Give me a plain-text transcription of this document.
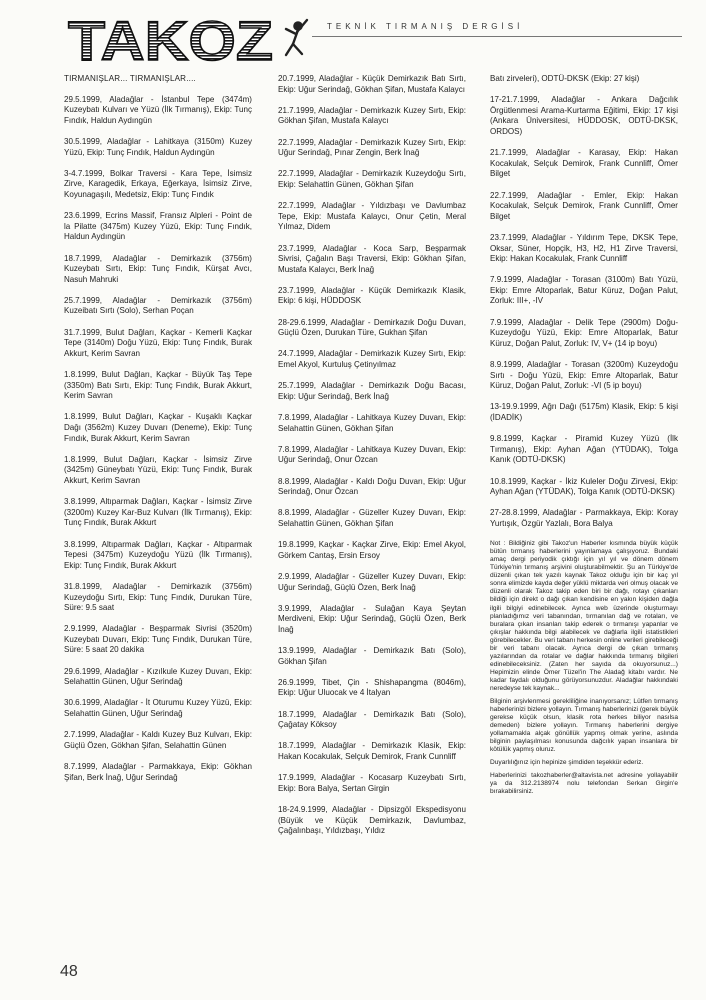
TAKOZ	TEKNİK TIRMANIŞ DERGİSİ

TIRMANIŞLAR... TIRMANIŞLAR....

29.5.1999, Aladağlar - İstanbul Tepe (3474m) Kuzeybatı Kulvarı ve Yüzü (İlk Tırmanış), Ekip: Tunç Fındık, Haldun Aydıngün

30.5.1999, Aladağlar - Lahitkaya (3150m) Kuzey Yüzü, Ekip: Tunç Fındık, Haldun Aydıngün

3-4.7.1999, Bolkar Traversi - Kara Tepe, İsimsiz Zirve, Karagedik, Erkaya, Eğerkaya, İsimsiz Zirve, Koyunagaşılı, Medetsiz, Ekip: Tunç Fındık

23.6.1999, Ecrins Massif, Fransız Alpleri - Point de la Pilatte (3475m) Kuzey Yüzü, Ekip: Tunç Fındık, Haldun Aydıngün

18.7.1999, Aladağlar - Demirkazık (3756m) Kuzeybatı Sırtı, Ekip: Tunç Fındık, Kürşat Avcı, Nasuh Mahruki

25.7.1999, Aladağlar - Demirkazık (3756m) Kuzeibatı Sırtı (Solo), Serhan Poçan

31.7.1999, Bulut Dağları, Kaçkar - Kemerli Kaçkar Tepe (3140m) Doğu Yüzü, Ekip: Tunç Fındık, Burak Akkurt, Kerim Savran

1.8.1999, Bulut Dağları, Kaçkar - Büyük Taş Tepe (3350m) Batı Sırtı, Ekip: Tunç Fındık, Burak Akkurt, Kerim Savran

1.8.1999, Bulut Dağları, Kaçkar - Kuşaklı Kaçkar Dağı (3562m) Kuzey Duvarı (Deneme), Ekip: Tunç Fındık, Burak Akkurt, Kerim Savran

1.8.1999, Bulut Dağları, Kaçkar - İsimsiz Zirve (3425m) Güneybatı Yüzü, Ekip: Tunç Fındık, Burak Akkurt, Kerim Savran

3.8.1999, Altıparmak Dağları, Kaçkar - İsimsiz Zirve (3200m) Kuzey Kar-Buz Kulvarı (İlk Tırmanış), Ekip: Tunç Fındık, Burak Akkurt

3.8.1999, Altıparmak Dağları, Kaçkar - Altıparmak Tepesi (3475m) Kuzeydoğu Yüzü (İlk Tırmanış), Ekip: Tunç Fındık, Burak Akkurt

31.8.1999, Aladağlar - Demirkazık (3756m) Kuzeydoğu Sırtı, Ekip: Tunç Fındık, Durukan Türe, Süre: 9.5 saat

2.9.1999, Aladağlar - Beşparmak Sivrisi (3520m) Kuzeybatı Duvarı, Ekip: Tunç Fındık, Durukan Türe, Süre: 5 saat 20 dakika

29.6.1999, Aladağlar - Kızılkule Kuzey Duvarı, Ekip: Selahattin Günen, Uğur Serindağ

30.6.1999, Aladağlar - İt Oturumu Kuzey Yüzü, Ekip: Selahattin Günen, Uğur Serindağ

2.7.1999, Aladağlar - Kaldı Kuzey Buz Kulvarı, Ekip: Güçlü Özen, Gökhan Şifan, Selahattin Günen

8.7.1999, Aladağlar - Parmakkaya, Ekip: Gökhan Şifan, Berk İnağ, Uğur Serindağ

20.7.1999, Aladağlar - Küçük Demirkazık Batı Sırtı, Ekip: Uğur Serindağ, Gökhan Şifan, Mustafa Kalaycı

21.7.1999, Aladağlar - Demirkazık Kuzey Sırtı, Ekip: Gökhan Şifan, Mustafa Kalaycı

22.7.1999, Aladağlar - Demirkazık Kuzey Sırtı, Ekip: Uğur Serindağ, Pınar Zengin, Berk İnağ

22.7.1999, Aladağlar - Demirkazık Kuzeydoğu Sırtı, Ekip: Selahattin Günen, Gökhan Şifan

22.7.1999, Aladağlar - Yıldızbaşı ve Davlumbaz Tepe, Ekip: Mustafa Kalaycı, Onur Çetin, Meral Yılmaz, Didem

23.7.1999, Aladağlar - Koca Sarp, Beşparmak Sivrisi, Çağalın Başı Traversi, Ekip: Gökhan Şifan, Mustafa Kalaycı, Berk İnağ

23.7.1999, Aladağlar - Küçük Demirkazık Klasik, Ekip: 6 kişi, HÜDDOSK

28-29.6.1999, Aladağlar - Demirkazık Doğu Duvarı, Güçlü Özen, Durukan Türe, Gukhan Şifan

24.7.1999, Aladağlar - Demirkazık Kuzey Sırtı, Ekip: Emel Akyol, Kurtuluş Çetinyılmaz

25.7.1999, Aladağlar - Demirkazık Doğu Bacası, Ekip: Uğur Serindağ, Berk İnağ

7.8.1999, Aladağlar - Lahitkaya Kuzey Duvarı, Ekip: Selahattin Günen, Gökhan Şifan

7.8.1999, Aladağlar - Lahitkaya Kuzey Duvarı, Ekip: Uğur Serindağ, Onur Özcan

8.8.1999, Aladağlar - Kaldı Doğu Duvarı, Ekip: Uğur Serindağ, Onur Özcan

8.8.1999, Aladağlar - Güzeller Kuzey Duvarı, Ekip: Selahattin Günen, Gökhan Şifan

19.8.1999, Kaçkar - Kaçkar Zirve, Ekip: Emel Akyol, Görkem Cantaş, Ersin Ersoy

2.9.1999, Aladağlar - Güzeller Kuzey Duvarı, Ekip: Uğur Serindağ, Güçlü Özen, Berk İnağ

3.9.1999, Aladağlar - Sulağan Kaya Şeytan Merdiveni, Ekip: Uğur Serindağ, Güçlü Özen, Berk İnağ

13.9.1999, Aladağlar - Demirkazık Batı (Solo), Gökhan Şifan

26.9.1999, Tibet, Çin - Shishapangma (8046m), Ekip: Uğur Uluocak ve 4 İtalyan

18.7.1999, Aladağlar - Demirkazık Batı (Solo), Çağatay Köksoy

18.7.1999, Aladağlar - Demirkazık Klasik, Ekip: Hakan Kocakulak, Selçuk Demirok, Frank Cunnliff

17.9.1999, Aladağlar - Kocasarp Kuzeybatı Sırtı, Ekip: Bora Balya, Sertan Girgin

18-24.9.1999, Aladağlar - Dipsizgöl Ekspedisyonu (Büyük ve Küçük Demirkazık, Davlumbaz, Çağalınbaşı, Yıldızbaşı, Yıldız

Batı zirveleri), ODTÜ-DKSK (Ekip: 27 kişi)

17-21.7.1999, Aladağlar - Ankara Dağcılık Örgütlenmesi Arama-Kurtarma Eğitimi, Ekip: 17 kişi (Ankara Üniversitesi, HÜDDOSK, ODTÜ-DKSK, ORDOS)

21.7.1999, Aladağlar - Karasay, Ekip: Hakan Kocakulak, Selçuk Demirok, Frank Cunnliff, Ömer Bilget

22.7.1999, Aladağlar - Emler, Ekip: Hakan Kocakulak, Selçuk Demirok, Frank Cunnliff, Ömer Bilget

23.7.1999, Aladağlar - Yıldırım Tepe, DKSK Tepe, Oksar, Süner, Hopçik, H3, H2, H1 Zirve Traversi, Ekip: Hakan Kocakulak, Frank Cunnliff

7.9.1999, Aladağlar - Torasan (3100m) Batı Yüzü, Ekip: Emre Altoparlak, Batur Küruz, Doğan Palut, Zorluk: III+, -IV

7.9.1999, Aladağlar - Delik Tepe (2900m) Doğu-Kuzeydoğu Yüzü, Ekip: Emre Altoparlak, Batur Küruz, Doğan Palut, Zorluk: IV, V+ (14 ip boyu)

8.9.1999, Aladağlar - Torasan (3200m) Kuzeydoğu Sırtı - Doğu Yüzü, Ekip: Emre Altoparlak, Batur Küruz, Doğan Palut, Zorluk: -VI (5 ip boyu)

13-19.9.1999, Ağrı Dağı (5175m) Klasik, Ekip: 5 kişi (İDADİK)

9.8.1999, Kaçkar - Piramid Kuzey Yüzü (İlk Tırmanış), Ekip: Ayhan Ağan (YTÜDAK), Tolga Kanık (ODTÜ-DKSK)

10.8.1999, Kaçkar - İkiz Kuleler Doğu Zirvesi, Ekip: Ayhan Ağan (YTÜDAK), Tolga Kanık (ODTÜ-DKSK)

27-28.8.1999, Aladağlar - Parmakkaya, Ekip: Koray Yurtışık, Özgür Yazlalı, Bora Balya

Not : Bildiğiniz gibi Takoz'un Haberler kısmında büyük küçük bütün tırmanış haberlerini yayınlamaya çalışıyoruz. Bundaki amaç dergi periyodik çıktığı için yıl yıl ve dönem dönem Türkiye'nin tırmanış arşivini oluşturabilmektir. Şu an Türkiye'de düzenli çıkan tek yazılı kaynak Takoz olduğu için bir kaç yıl sonra elimizde kayda değer yüklü miktarda veri olmuş olacak ve düzenli olarak Takoz takip eden biri bir dağı, rotayı çıkanları bildiği için direkt o dağı çıkan kendisine en yakın kişiden dağla ilgili bilgiyi edinebilecek. Ayrıca web üzerinde oluşturmayı planladığımız veri tabanından, tırmanılan dağ ve rotaları, ve buralara çıkan insanları takip ederek o tırmanışı yapanlar ve çıkışlar hakkında bilgi alabilecek ve dağlarla ilgili istatistikleri görebilecekler. Bu veri tabanı herkesin online verileri girebileceği bir veri tabanı olacak. Ayrıca dergi de çıkan tırmanış yazılarından da rotalar ve dağlar hakkında tırmanış bilgileri edinebileceksiniz. (Zaten her sayıda da okuyorsunuz...) Hepimizin elinde Ömer Tüzel'in The Aladağ kitabı vardır. Ne kadar faydalı olduğunu görüyorsunuzdur. Aladağlar hakkındaki neredeyse tek kaynak...

Bilginin arşivlenmesi gerekliliğine inanıyorsanız; Lütfen tırmanış haberlerinizi bizlere yollayın. Tırmanış haberlerinizi (gerek büyük gerekse küçük olsun, klasik rota herkes biliyor nasılsa demeden) bizlere yollayın. Tırmanış haberlerini dergiye yollamamakla alçak gönüllük yapmış olmak yerine, aslında bilginin paylaşılması konusunda dağcılık yapan insanlara bir kötülük yapmış oluruz.

Duyarlılığınız için hepinize şimdiden teşekkür ederiz.

Haberlerinizi takozhaberler@altavista.net adresine yollayabilir ya da 312.2138974 nolu telefondan Serkan Girgin'e bırakabilirsiniz.

48
